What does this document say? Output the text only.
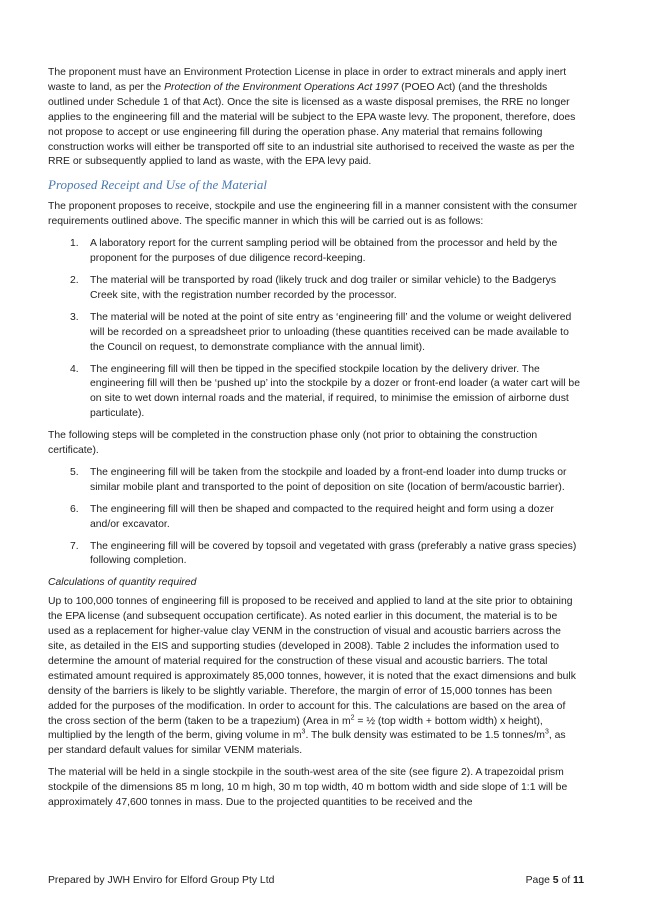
The proponent must have an Environment Protection License in place in order to extract minerals and apply inert waste to land, as per the Protection of the Environment Operations Act 1997 (POEO Act) (and the thresholds outlined under Schedule 1 of that Act). Once the site is licensed as a waste disposal premises, the RRE no longer applies to the engineering fill and the material will be subject to the EPA waste levy. The proponent, therefore, does not propose to accept or use engineering fill during the operation phase. Any material that remains following construction works will either be transported off site to an industrial site authorised to received the waste as per the RRE or subsequently applied to land as waste, with the EPA levy paid.

Proposed Receipt and Use of the Material

The proponent proposes to receive, stockpile and use the engineering fill in a manner consistent with the consumer requirements outlined above. The specific manner in which this will be carried out is as follows:

1.	A laboratory report for the current sampling period will be obtained from the processor and held by the proponent for the purposes of due diligence record-keeping.
2.	The material will be transported by road (likely truck and dog trailer or similar vehicle) to the Badgerys Creek site, with the registration number recorded by the processor.
3.	The material will be noted at the point of site entry as ‘engineering fill’ and the volume or weight delivered will be recorded on a spreadsheet prior to unloading (these quantities received can be made available to the Council on request, to demonstrate compliance with the annual limit).
4.	The engineering fill will then be tipped in the specified stockpile location by the delivery driver. The engineering fill will then be ‘pushed up’ into the stockpile by a dozer or front-end loader (a water cart will be on site to wet down internal roads and the material, if required, to minimise the emission of airborne dust particulate).

The following steps will be completed in the construction phase only (not prior to obtaining the construction certificate).

5.	The engineering fill will be taken from the stockpile and loaded by a front-end loader into dump trucks or similar mobile plant and transported to the point of deposition on site (location of berm/acoustic barrier).
6.	The engineering fill will then be shaped and compacted to the required height and form using a dozer and/or excavator.
7.	The engineering fill will be covered by topsoil and vegetated with grass (preferably a native grass species) following completion.

Calculations of quantity required

Up to 100,000 tonnes of engineering fill is proposed to be received and applied to land at the site prior to obtaining the EPA license (and subsequent occupation certificate). As noted earlier in this document, the material is to be used as a replacement for higher-value clay VENM in the construction of visual and acoustic barriers across the site, as detailed in the EIS and supporting studies (developed in 2008). Table 2 includes the information used to determine the amount of material required for the construction of these visual and acoustic barriers. The total estimated amount required is approximately 85,000 tonnes, however, it is noted that the exact dimensions and bulk density of the barriers is likely to be slightly variable. Therefore, the margin of error of 15,000 tonnes has been added for the purposes of the modification. In order to account for this. The calculations are based on the area of the cross section of the berm (taken to be a trapezium) (Area in $m^2$ = ½ (top width + bottom width) x height), multiplied by the length of the berm, giving volume in $m^3$. The bulk density was estimated to be 1.5 tonnes/$m^3$, as per standard default values for similar VENM materials.

The material will be held in a single stockpile in the south-west area of the site (see figure 2). A trapezoidal prism stockpile of the dimensions 85 m long, 10 m high, 30 m top width, 40 m bottom width and side slope of 1:1 will be approximately 47,600 tonnes in mass. Due to the projected quantities to be received and the

Prepared by JWH Enviro for Elford Group Pty Ltd	Page 5 of 11
